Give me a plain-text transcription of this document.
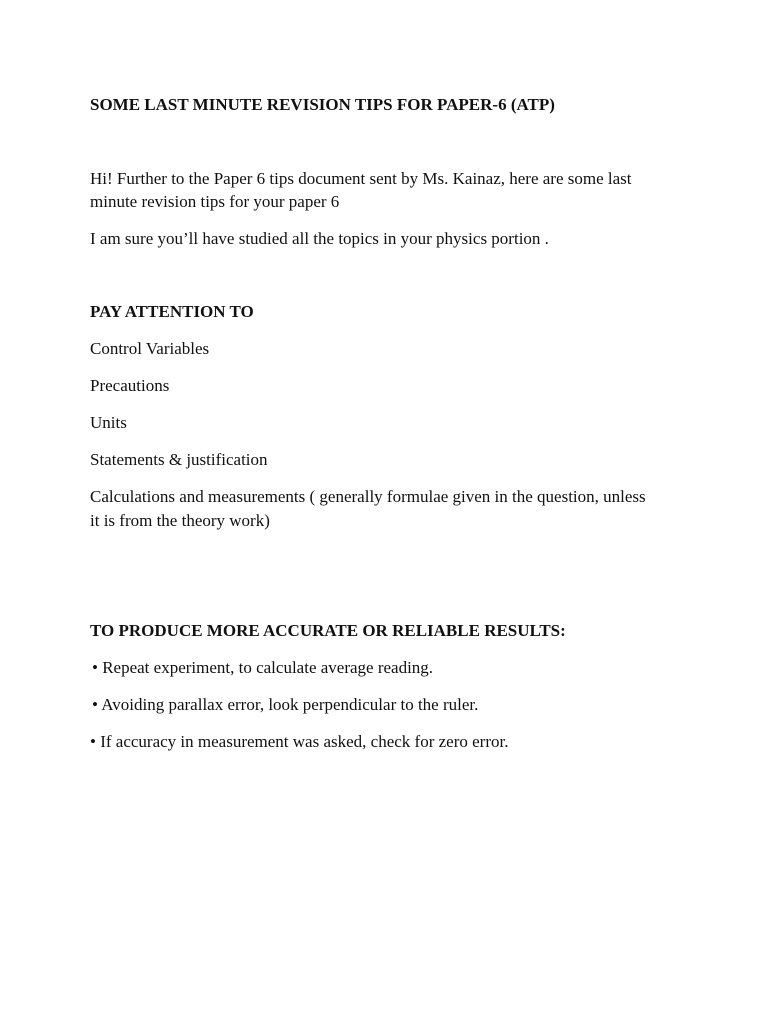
SOME LAST MINUTE REVISION TIPS FOR PAPER-6 (ATP)

Hi! Further to the Paper 6 tips document sent by Ms. Kainaz, here are some last

minute revision tips for your paper 6

I am sure you’ll have studied all the topics in your physics portion .

PAY ATTENTION TO

Control Variables

Precautions

Units

Statements & justification

Calculations and measurements ( generally formulae given in the question, unless

it is from the theory work)

TO PRODUCE MORE ACCURATE OR RELIABLE RESULTS:

• Repeat experiment, to calculate average reading.

• Avoiding parallax error, look perpendicular to the ruler.

• If accuracy in measurement was asked, check for zero error.
